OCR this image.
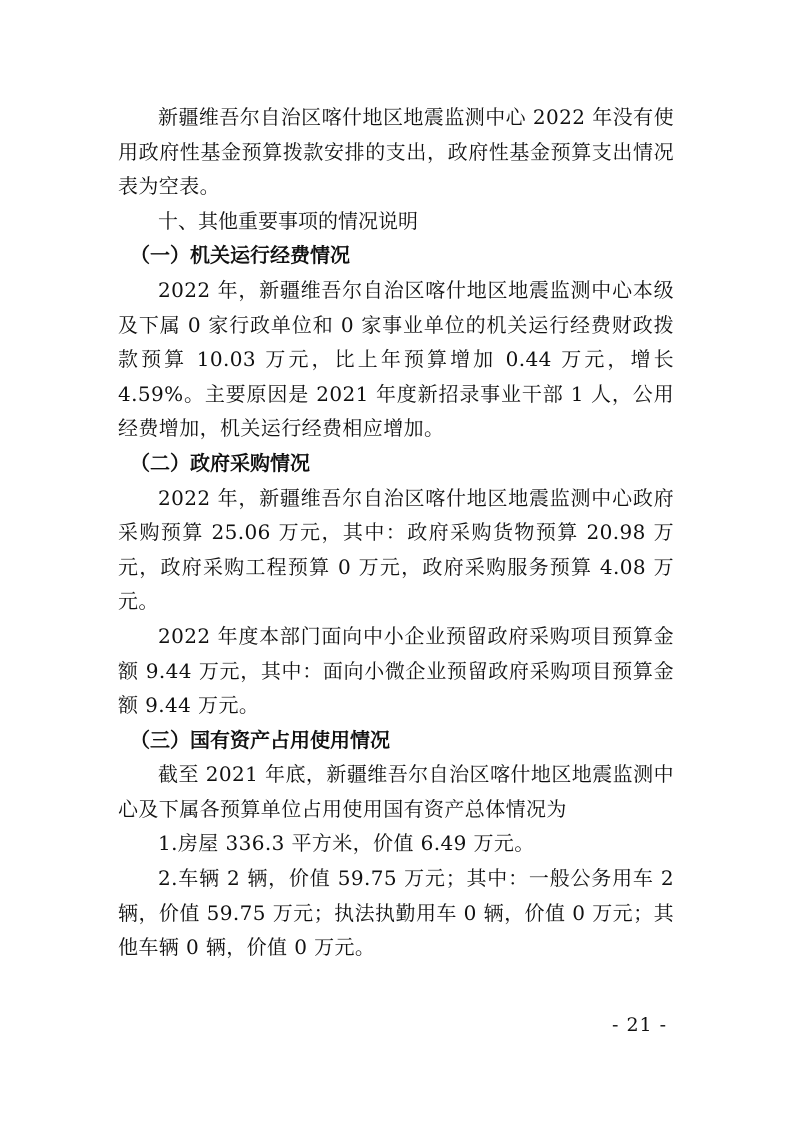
新疆维吾尔自治区喀什地区地震监测中心 2022 年没有使用政府性基金预算拨款安排的支出，政府性基金预算支出情况表为空表。

十、其他重要事项的情况说明

（一）机关运行经费情况

2022 年，新疆维吾尔自治区喀什地区地震监测中心本级及下属 0 家行政单位和 0 家事业单位的机关运行经费财政拨款预算 10.03 万元，比上年预算增加 0.44 万元，增长 4.59%。主要原因是 2021 年度新招录事业干部 1 人，公用经费增加，机关运行经费相应增加。

（二）政府采购情况

2022 年，新疆维吾尔自治区喀什地区地震监测中心政府采购预算 25.06 万元，其中：政府采购货物预算 20.98 万元，政府采购工程预算 0 万元，政府采购服务预算 4.08 万元。

2022 年度本部门面向中小企业预留政府采购项目预算金额 9.44 万元，其中：面向小微企业预留政府采购项目预算金额 9.44 万元。

（三）国有资产占用使用情况

截至 2021 年底，新疆维吾尔自治区喀什地区地震监测中心及下属各预算单位占用使用国有资产总体情况为

1.房屋 336.3 平方米，价值 6.49 万元。

2.车辆 2 辆，价值 59.75 万元；其中：一般公务用车 2 辆，价值 59.75 万元；执法执勤用车 0 辆，价值 0 万元；其他车辆 0 辆，价值 0 万元。

- 21 -
